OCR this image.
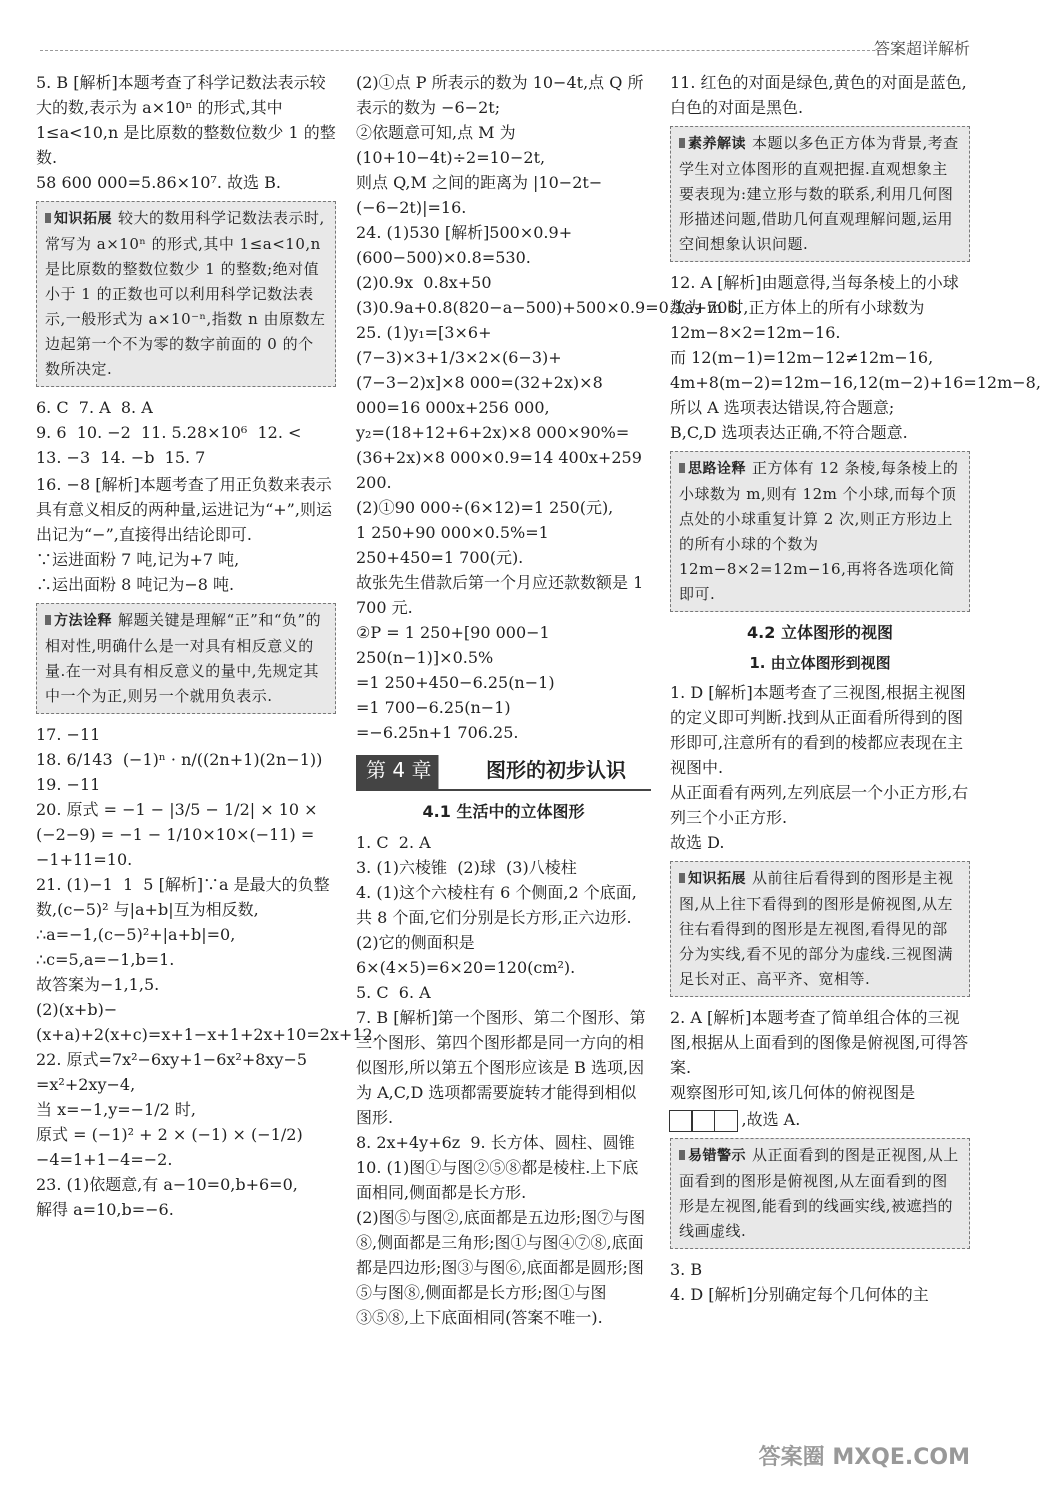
答案超详解析
5. B [解析]本题考查了科学记数法表示较大的数,表示为 a×10ⁿ 的形式,其中 1≤a<10,n 是比原数的整数位数少 1 的整数.
58 600 000=5.86×10⁷. 故选 B.
知识拓展 较大的数用科学记数法表示时,常写为 a×10ⁿ 的形式,其中 1≤a<10,n 是比原数的整数位数少 1 的整数;绝对值小于 1 的正数也可以利用科学记数法表示,一般形式为 a×10⁻ⁿ,指数 n 由原数左边起第一个不为零的数字前面的 0 的个数所决定.
6. C  7. A  8. A
9. 6  10. −2  11. 5.28×10⁶  12. <
13. −3  14. −b  15. 7
16. −8 [解析]本题考查了用正负数来表示具有意义相反的两种量,运进记为“+”,则运出记为“−”,直接得出结论即可.
∵运进面粉 7 吨,记为+7 吨,
∴运出面粉 8 吨记为−8 吨.
方法诠释 解题关键是理解“正”和“负”的相对性,明确什么是一对具有相反意义的量.在一对具有相反意义的量中,先规定其中一个为正,则另一个就用负表示.
17. −11
18. 6/143  (−1)ⁿ · n/((2n+1)(2n−1))
19. −11
20. 原式 = −1 − |3/5 − 1/2| × 10 × (−2−9) = −1 − 1/10×10×(−11) = −1+11=10.
21. (1)−1  1  5 [解析]∵a 是最大的负整数,(c−5)² 与|a+b|互为相反数,
∴a=−1,(c−5)²+|a+b|=0,
∴c=5,a=−1,b=1.
故答案为−1,1,5.
(2)(x+b)−(x+a)+2(x+c)=x+1−x+1+2x+10=2x+12.
22. 原式=7x²−6xy+1−6x²+8xy−5 =x²+2xy−4,
当 x=−1,y=−1/2 时,
原式 = (−1)² + 2 × (−1) × (−1/2) −4=1+1−4=−2.
23. (1)依题意,有 a−10=0,b+6=0,
解得 a=10,b=−6.
(2)①点 P 所表示的数为 10−4t,点 Q 所表示的数为 −6−2t;
②依题意可知,点 M 为(10+10−4t)÷2=10−2t,
则点 Q,M 之间的距离为 |10−2t−(−6−2t)|=16.
24. (1)530 [解析]500×0.9+(600−500)×0.8=530.
(2)0.9x  0.8x+50
(3)0.9a+0.8(820−a−500)+500×0.9=0.1a+706.
25. (1)y₁=[3×6+(7−3)×3+1/3×2×(6−3)+(7−3−2)x]×8 000=(32+2x)×8 000=16 000x+256 000,
y₂=(18+12+6+2x)×8 000×90%=(36+2x)×8 000×0.9=14 400x+259 200.
(2)①90 000÷(6×12)=1 250(元),
1 250+90 000×0.5%=1 250+450=1 700(元).
故张先生借款后第一个月应还款数额是 1 700 元.
②P = 1 250+[90 000−1 250(n−1)]×0.5%
=1 250+450−6.25(n−1)
=1 700−6.25(n−1)
=−6.25n+1 706.25.
第 4 章	图形的初步认识
4.1 生活中的立体图形
1. C  2. A
3. (1)六棱锥  (2)球  (3)八棱柱
4. (1)这个六棱柱有 6 个侧面,2 个底面,共 8 个面,它们分别是长方形,正六边形.
(2)它的侧面积是 6×(4×5)=6×20=120(cm²).
5. C  6. A
7. B [解析]第一个图形、第二个图形、第三个图形、第四个图形都是同一方向的相似图形,所以第五个图形应该是 B 选项,因为 A,C,D 选项都需要旋转才能得到相似图形.
8. 2x+4y+6z  9. 长方体、圆柱、圆锥
10. (1)图①与图②⑤⑧都是棱柱.上下底面相同,侧面都是长方形.
(2)图⑤与图②,底面都是五边形;图⑦与图⑧,侧面都是三角形;图①与图④⑦⑧,底面都是四边形;图③与图⑥,底面都是圆形;图⑤与图⑧,侧面都是长方形;图①与图③⑤⑧,上下底面相同(答案不唯一).
11. 红色的对面是绿色,黄色的对面是蓝色,白色的对面是黑色.
素养解读 本题以多色正方体为背景,考查学生对立体图形的直观把握.直观想象主要表现为:建立形与数的联系,利用几何图形描述问题,借助几何直观理解问题,运用空间想象认识问题.
12. A [解析]由题意得,当每条棱上的小球数为 m 时,正方体上的所有小球数为 12m−8×2=12m−16.
而 12(m−1)=12m−12≠12m−16,
4m+8(m−2)=12m−16,12(m−2)+16=12m−8,
所以 A 选项表达错误,符合题意;
B,C,D 选项表达正确,不符合题意.
思路诠释 正方体有 12 条棱,每条棱上的小球数为 m,则有 12m 个小球,而每个顶点处的小球重复计算 2 次,则正方形边上的所有小球的个数为 12m−8×2=12m−16,再将各选项化简即可.
4.2 立体图形的视图
1. 由立体图形到视图
1. D [解析]本题考查了三视图,根据主视图的定义即可判断.找到从正面看所得到的图形即可,注意所有的看到的棱都应表现在主视图中.
从正面看有两列,左列底层一个小正方形,右列三个小正方形.
故选 D.
知识拓展 从前往后看得到的图形是主视图,从上往下看得到的图形是俯视图,从左往右看得到的图形是左视图,看得见的部分为实线,看不见的部分为虚线.三视图满足长对正、高平齐、宽相等.
2. A [解析]本题考查了简单组合体的三视图,根据从上面看到的图像是俯视图,可得答案.
观察图形可知,该几何体的俯视图是
,故选 A.
易错警示 从正面看到的图是正视图,从上面看到的图形是俯视图,从左面看到的图形是左视图,能看到的线画实线,被遮挡的线画虚线.
3. B
4. D [解析]分别确定每个几何体的主
答案圈 MXQE.COM
